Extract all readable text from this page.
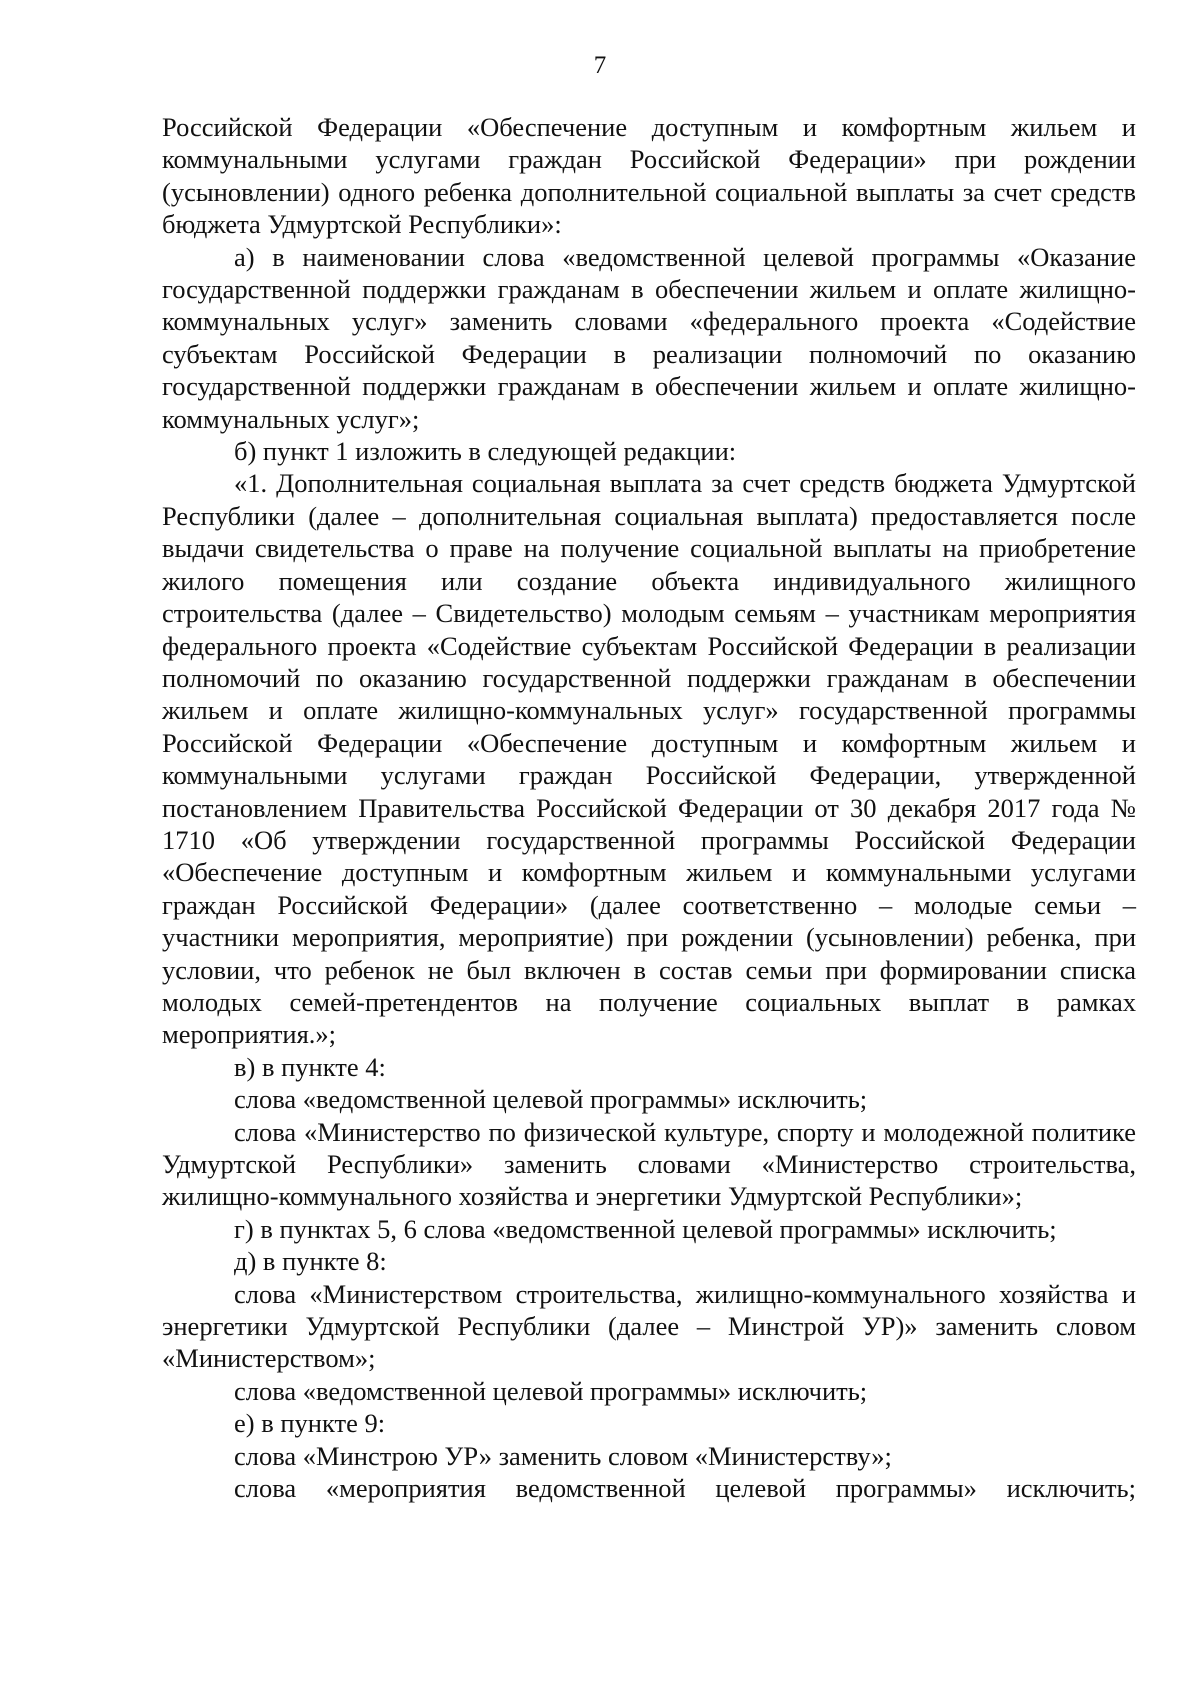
7

Российской Федерации «Обеспечение доступным и комфортным жильем и коммунальными услугами граждан Российской Федерации» при рождении (усыновлении) одного ребенка дополнительной социальной выплаты за счет средств бюджета Удмуртской Республики»:

а) в наименовании слова «ведомственной целевой программы «Оказание государственной поддержки гражданам в обеспечении жильем и оплате жилищно-коммунальных услуг» заменить словами «федерального проекта «Содействие субъектам Российской Федерации в реализации полномочий по оказанию государственной поддержки гражданам в обеспечении жильем и оплате жилищно-коммунальных услуг»;

б) пункт 1 изложить в следующей редакции:

«1. Дополнительная социальная выплата за счет средств бюджета Удмуртской Республики (далее – дополнительная социальная выплата) предоставляется после выдачи свидетельства о праве на получение социальной выплаты на приобретение жилого помещения или создание объекта индивидуального жилищного строительства (далее – Свидетельство) молодым семьям – участникам мероприятия федерального проекта «Содействие субъектам Российской Федерации в реализации полномочий по оказанию государственной поддержки гражданам в обеспечении жильем и оплате жилищно-коммунальных услуг» государственной программы Российской Федерации «Обеспечение доступным и комфортным жильем и коммунальными услугами граждан Российской Федерации, утвержденной постановлением Правительства Российской Федерации от 30 декабря 2017 года № 1710 «Об утверждении государственной программы Российской Федерации «Обеспечение доступным и комфортным жильем и коммунальными услугами граждан Российской Федерации» (далее соответственно – молодые семьи – участники мероприятия, мероприятие) при рождении (усыновлении) ребенка, при условии, что ребенок не был включен в состав семьи при формировании списка молодых семей-претендентов на получение социальных выплат в рамках мероприятия.»;

в) в пункте 4:

слова «ведомственной целевой программы» исключить;

слова «Министерство по физической культуре, спорту и молодежной политике Удмуртской Республики» заменить словами «Министерство строительства, жилищно-коммунального хозяйства и энергетики Удмуртской Республики»;

г) в пунктах 5, 6 слова «ведомственной целевой программы» исключить;

д) в пункте 8:

слова «Министерством строительства, жилищно-коммунального хозяйства и энергетики Удмуртской Республики (далее – Минстрой УР)» заменить словом «Министерством»;

слова «ведомственной целевой программы» исключить;

е) в пункте 9:

слова «Минстрою УР» заменить словом «Министерству»;

слова «мероприятия ведомственной целевой программы» исключить;
